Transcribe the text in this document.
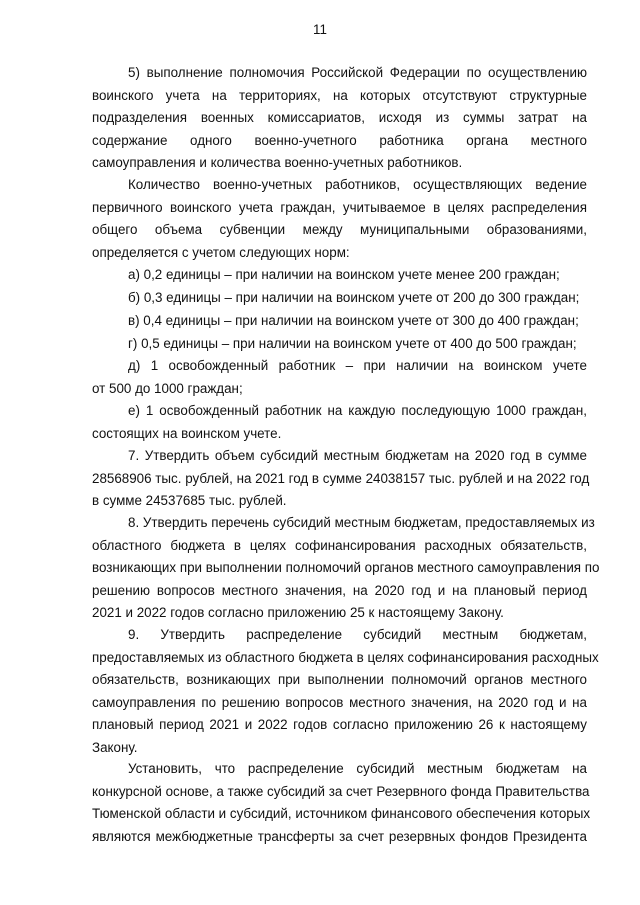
11
5) выполнение полномочия Российской Федерации по осуществлению
воинского учета на территориях, на которых отсутствуют структурные
подразделения военных комиссариатов, исходя из суммы затрат на
содержание одного военно-учетного работника органа местного
самоуправления и количества военно-учетных работников.
Количество военно-учетных работников, осуществляющих ведение
первичного воинского учета граждан, учитываемое в целях распределения
общего объема субвенции между муниципальными образованиями,
определяется с учетом следующих норм:
а) 0,2 единицы – при наличии на воинском учете менее 200 граждан;
б) 0,3 единицы – при наличии на воинском учете от 200 до 300 граждан;
в) 0,4 единицы – при наличии на воинском учете от 300 до 400 граждан;
г) 0,5 единицы – при наличии на воинском учете от 400 до 500 граждан;
д) 1 освобожденный работник – при наличии на воинском учете
от 500 до 1000 граждан;
е) 1 освобожденный работник на каждую последующую 1000 граждан,
состоящих на воинском учете.
7. Утвердить объем субсидий местным бюджетам на 2020 год в сумме
28568906 тыс. рублей, на 2021 год в сумме 24038157 тыс. рублей и на 2022 год
в сумме 24537685 тыс. рублей.
8. Утвердить перечень субсидий местным бюджетам, предоставляемых из
областного бюджета в целях софинансирования расходных обязательств,
возникающих при выполнении полномочий органов местного самоуправления по
решению вопросов местного значения, на 2020 год и на плановый период
2021 и 2022 годов согласно приложению 25 к настоящему Закону.
9. Утвердить распределение субсидий местным бюджетам,
предоставляемых из областного бюджета в целях софинансирования расходных
обязательств, возникающих при выполнении полномочий органов местного
самоуправления по решению вопросов местного значения, на 2020 год и на
плановый период 2021 и 2022 годов согласно приложению 26 к настоящему
Закону.
Установить, что распределение субсидий местным бюджетам на
конкурсной основе, а также субсидий за счет Резервного фонда Правительства
Тюменской области и субсидий, источником финансового обеспечения которых
являются межбюджетные трансферты за счет резервных фондов Президента
